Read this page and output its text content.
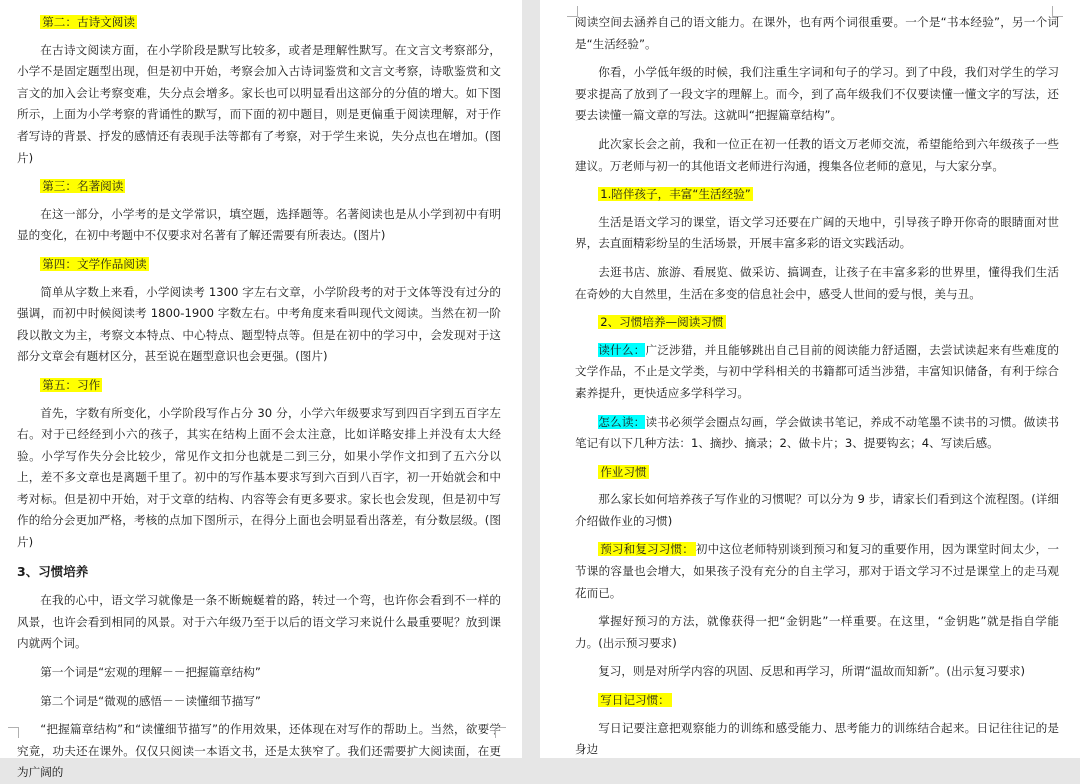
第二：古诗文阅读

在古诗文阅读方面，在小学阶段是默写比较多，或者是理解性默写。在文言文考察部分，小学不是固定题型出现，但是初中开始，考察会加入古诗词鉴赏和文言文考察，诗歌鉴赏和文言文的加入会让考察变难，失分点会增多。家长也可以明显看出这部分的分值的增大。如下图所示，上面为小学考察的背诵性的默写，而下面的初中题目，则是更偏重于阅读理解，对于作者写诗的背景、抒发的感情还有表现手法等都有了考察，对于学生来说，失分点也在增加。(图片)

第三：名著阅读

在这一部分，小学考的是文学常识，填空题，选择题等。名著阅读也是从小学到初中有明显的变化，在初中考题中不仅要求对名著有了解还需要有所表达。(图片)

第四：文学作品阅读

简单从字数上来看，小学阅读考 1300 字左右文章，小学阶段考的对于文体等没有过分的强调，而初中时候阅读考 1800-1900 字数左右。中考角度来看叫现代文阅读。当然在初一阶段以散文为主，考察文本特点、中心特点、题型特点等。但是在初中的学习中，会发现对于这部分文章会有题材区分，甚至说在题型意识也会更强。(图片)

第五：习作

首先，字数有所变化，小学阶段写作占分 30 分，小学六年级要求写到四百字到五百字左右。对于已经经到小六的孩子，其实在结构上面不会太注意，比如详略安排上并没有太大经验。小学写作失分会比较少，常见作文扣分也就是二到三分，如果小学作文扣到了五六分以上，差不多文章也是离题千里了。初中的写作基本要求写到六百到八百字，初一开始就会和中考对标。但是初中开始，对于文章的结构、内容等会有更多要求。家长也会发现，但是初中写作的给分会更加严格，考核的点加下图所示，在得分上面也会明显看出落差，有分数层级。(图片)

3、习惯培养

在我的心中，语文学习就像是一条不断蜿蜒着的路，转过一个弯，也许你会看到不一样的风景，也许会看到相同的风景。对于六年级乃至于以后的语文学习来说什么最重要呢？放到课内就两个词。

第一个词是“宏观的理解－－把握篇章结构”

第二个词是“微观的感悟－－读懂细节描写”

“把握篇章结构”和“读懂细节描写”的作用效果，还体现在对写作的帮助上。当然，欲要学究竟，功夫还在课外。仅仅只阅读一本语文书，还是太狭窄了。我们还需要扩大阅读面，在更为广阔的

阅读空间去涵养自己的语文能力。在课外，也有两个词很重要。一个是“书本经验”，另一个词是“生活经验”。

你看，小学低年级的时候，我们注重生字词和句子的学习。到了中段，我们对学生的学习要求提高了放到了一段文字的理解上。而今，到了高年级我们不仅要读懂一懂文字的写法，还要去读懂一篇文章的写法。这就叫“把握篇章结构”。

此次家长会之前，我和一位正在初一任教的语文万老师交流，希望能给到六年级孩子一些建议。万老师与初一的其他语文老师进行沟通，搜集各位老师的意见，与大家分享。

1.陪伴孩子，丰富“生活经验”

生活是语文学习的课堂，语文学习还要在广阔的天地中，引导孩子睁开你奇的眼睛面对世界，去直面精彩纷呈的生活场景，开展丰富多彩的语文实践活动。

去逛书店、旅游、看展览、做采访、搞调查，让孩子在丰富多彩的世界里，懂得我们生活在奇妙的大自然里，生活在多变的信息社会中，感受人世间的爱与恨，美与丑。

2、习惯培养—阅读习惯

读什么：广泛涉猎，并且能够跳出自己目前的阅读能力舒适圈，去尝试读起来有些难度的文学作品，不止是文学类，与初中学科相关的书籍都可适当涉猎，丰富知识储备，有利于综合素养提升，更快适应多学科学习。

怎么读：读书必须学会圈点勾画，学会做读书笔记，养成不动笔墨不读书的习惯。做读书笔记有以下几种方法：1、摘抄、摘录；2、做卡片；3、提要钩玄；4、写读后感。

作业习惯

那么家长如何培养孩子写作业的习惯呢？可以分为 9 步，请家长们看到这个流程图。(详细介绍做作业的习惯)

预习和复习习惯： 初中这位老师特别谈到预习和复习的重要作用，因为课堂时间太少，一节课的容量也会增大，如果孩子没有充分的自主学习，那对于语文学习不过是课堂上的走马观花而已。

掌握好预习的方法，就像获得一把“金钥匙”一样重要。在这里，“金钥匙”就是指自学能力。(出示预习要求)

复习，则是对所学内容的巩固、反思和再学习，所谓“温故而知新”。(出示复习要求)

写日记习惯：

写日记要注意把观察能力的训练和感受能力、思考能力的训练结合起来。日记往往记的是身边
